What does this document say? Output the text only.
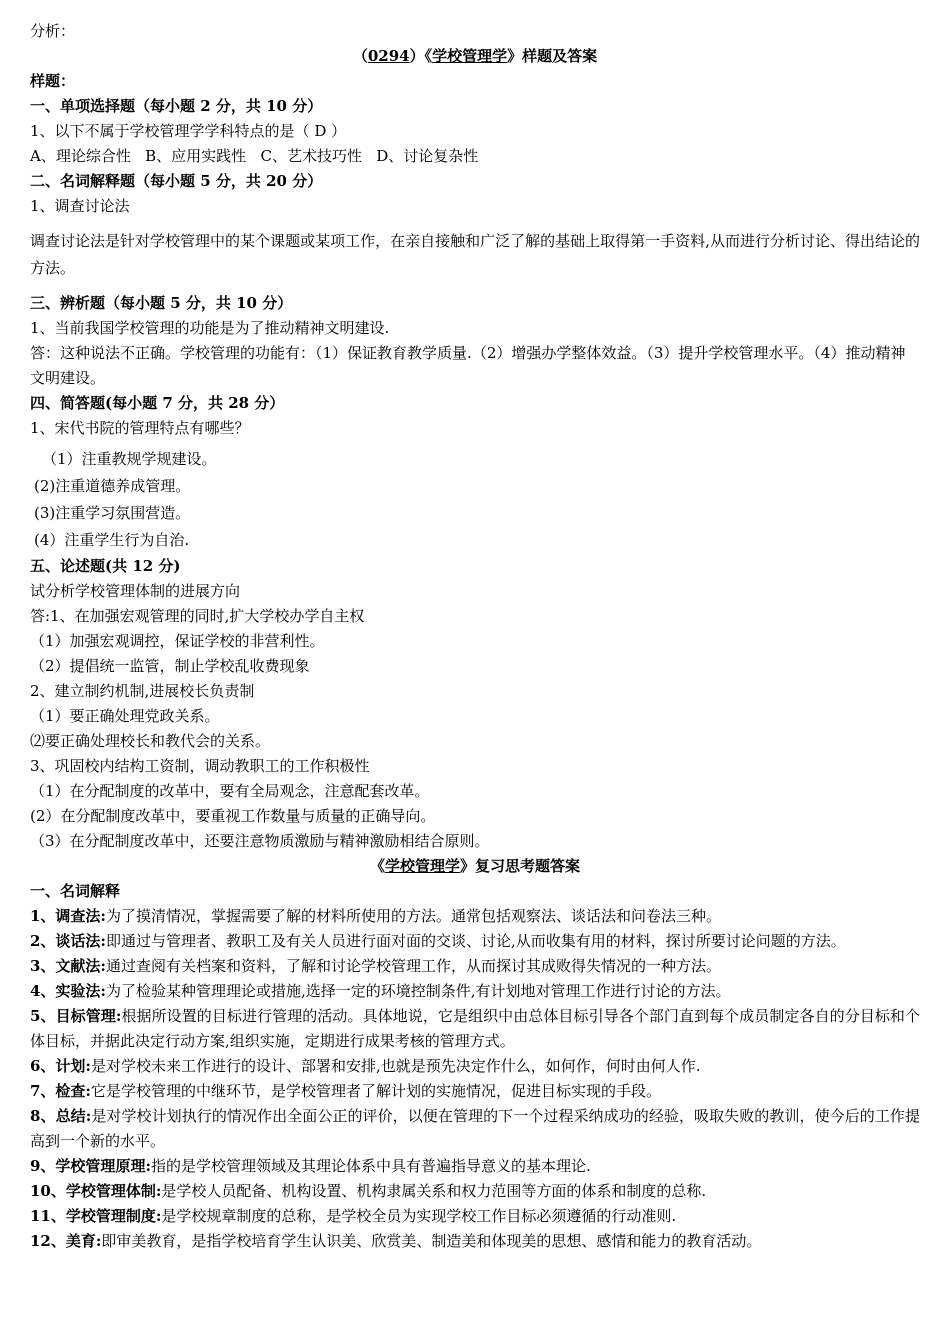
分析：
（0294）《学校管理学》样题及答案
样题：
一、单项选择题（每小题 2 分，共 10 分）
1、以下不属于学校管理学学科特点的是（ D ）
A、理论综合性   B、应用实践性   C、艺术技巧性   D、讨论复杂性
二、名词解释题（每小题 5 分，共 20 分）
1、调查讨论法
调查讨论法是针对学校管理中的某个课题或某项工作，在亲自接触和广泛了解的基础上取得第一手资料,从而进行分析讨论、得出结论的方法。
三、辨析题（每小题 5 分，共 10 分）
1、当前我国学校管理的功能是为了推动精神文明建设.
答：这种说法不正确。学校管理的功能有：（1）保证教育教学质量.（2）增强办学整体效益。（3）提升学校管理水平。（4）推动精神文明建设。
四、简答题(每小题 7 分，共 28 分）
1、宋代书院的管理特点有哪些？
（1）注重教规学规建设。
(2)注重道德养成管理。
(3)注重学习氛围营造。
(4）注重学生行为自治.
五、论述题(共 12 分)
试分析学校管理体制的进展方向
答:1、在加强宏观管理的同时,扩大学校办学自主权
（1）加强宏观调控，保证学校的非营利性。
（2）提倡统一监管，制止学校乱收费现象
2、建立制约机制,进展校长负责制
（1）要正确处理党政关系。
⑵要正确处理校长和教代会的关系。
3、巩固校内结构工资制，调动教职工的工作积极性
（1）在分配制度的改革中，要有全局观念，注意配套改革。
(2）在分配制度改革中，要重视工作数量与质量的正确导向。
（3）在分配制度改革中，还要注意物质激励与精神激励相结合原则。
《学校管理学》复习思考题答案
一、名词解释
1、调查法:为了摸清情况，掌握需要了解的材料所使用的方法。通常包括观察法、谈话法和问卷法三种。
2、谈话法:即通过与管理者、教职工及有关人员进行面对面的交谈、讨论,从而收集有用的材料，探讨所要讨论问题的方法。
3、文献法:通过查阅有关档案和资料，了解和讨论学校管理工作，从而探讨其成败得失情况的一种方法。
4、实验法:为了检验某种管理理论或措施,选择一定的环境控制条件,有计划地对管理工作进行讨论的方法。
5、目标管理:根据所设置的目标进行管理的活动。具体地说，它是组织中由总体目标引导各个部门直到每个成员制定各自的分目标和个体目标，并据此决定行动方案,组织实施，定期进行成果考核的管理方式。
6、计划:是对学校未来工作进行的设计、部署和安排,也就是预先决定作什么，如何作，何时由何人作.
7、检查:它是学校管理的中继环节，是学校管理者了解计划的实施情况，促进目标实现的手段。
8、总结:是对学校计划执行的情况作出全面公正的评价，以便在管理的下一个过程采纳成功的经验，吸取失败的教训，使今后的工作提高到一个新的水平。
9、学校管理原理:指的是学校管理领域及其理论体系中具有普遍指导意义的基本理论.
10、学校管理体制:是学校人员配备、机构设置、机构隶属关系和权力范围等方面的体系和制度的总称.
11、学校管理制度:是学校规章制度的总称，是学校全员为实现学校工作目标必须遵循的行动准则.
12、美育:即审美教育，是指学校培育学生认识美、欣赏美、制造美和体现美的思想、感情和能力的教育活动。
